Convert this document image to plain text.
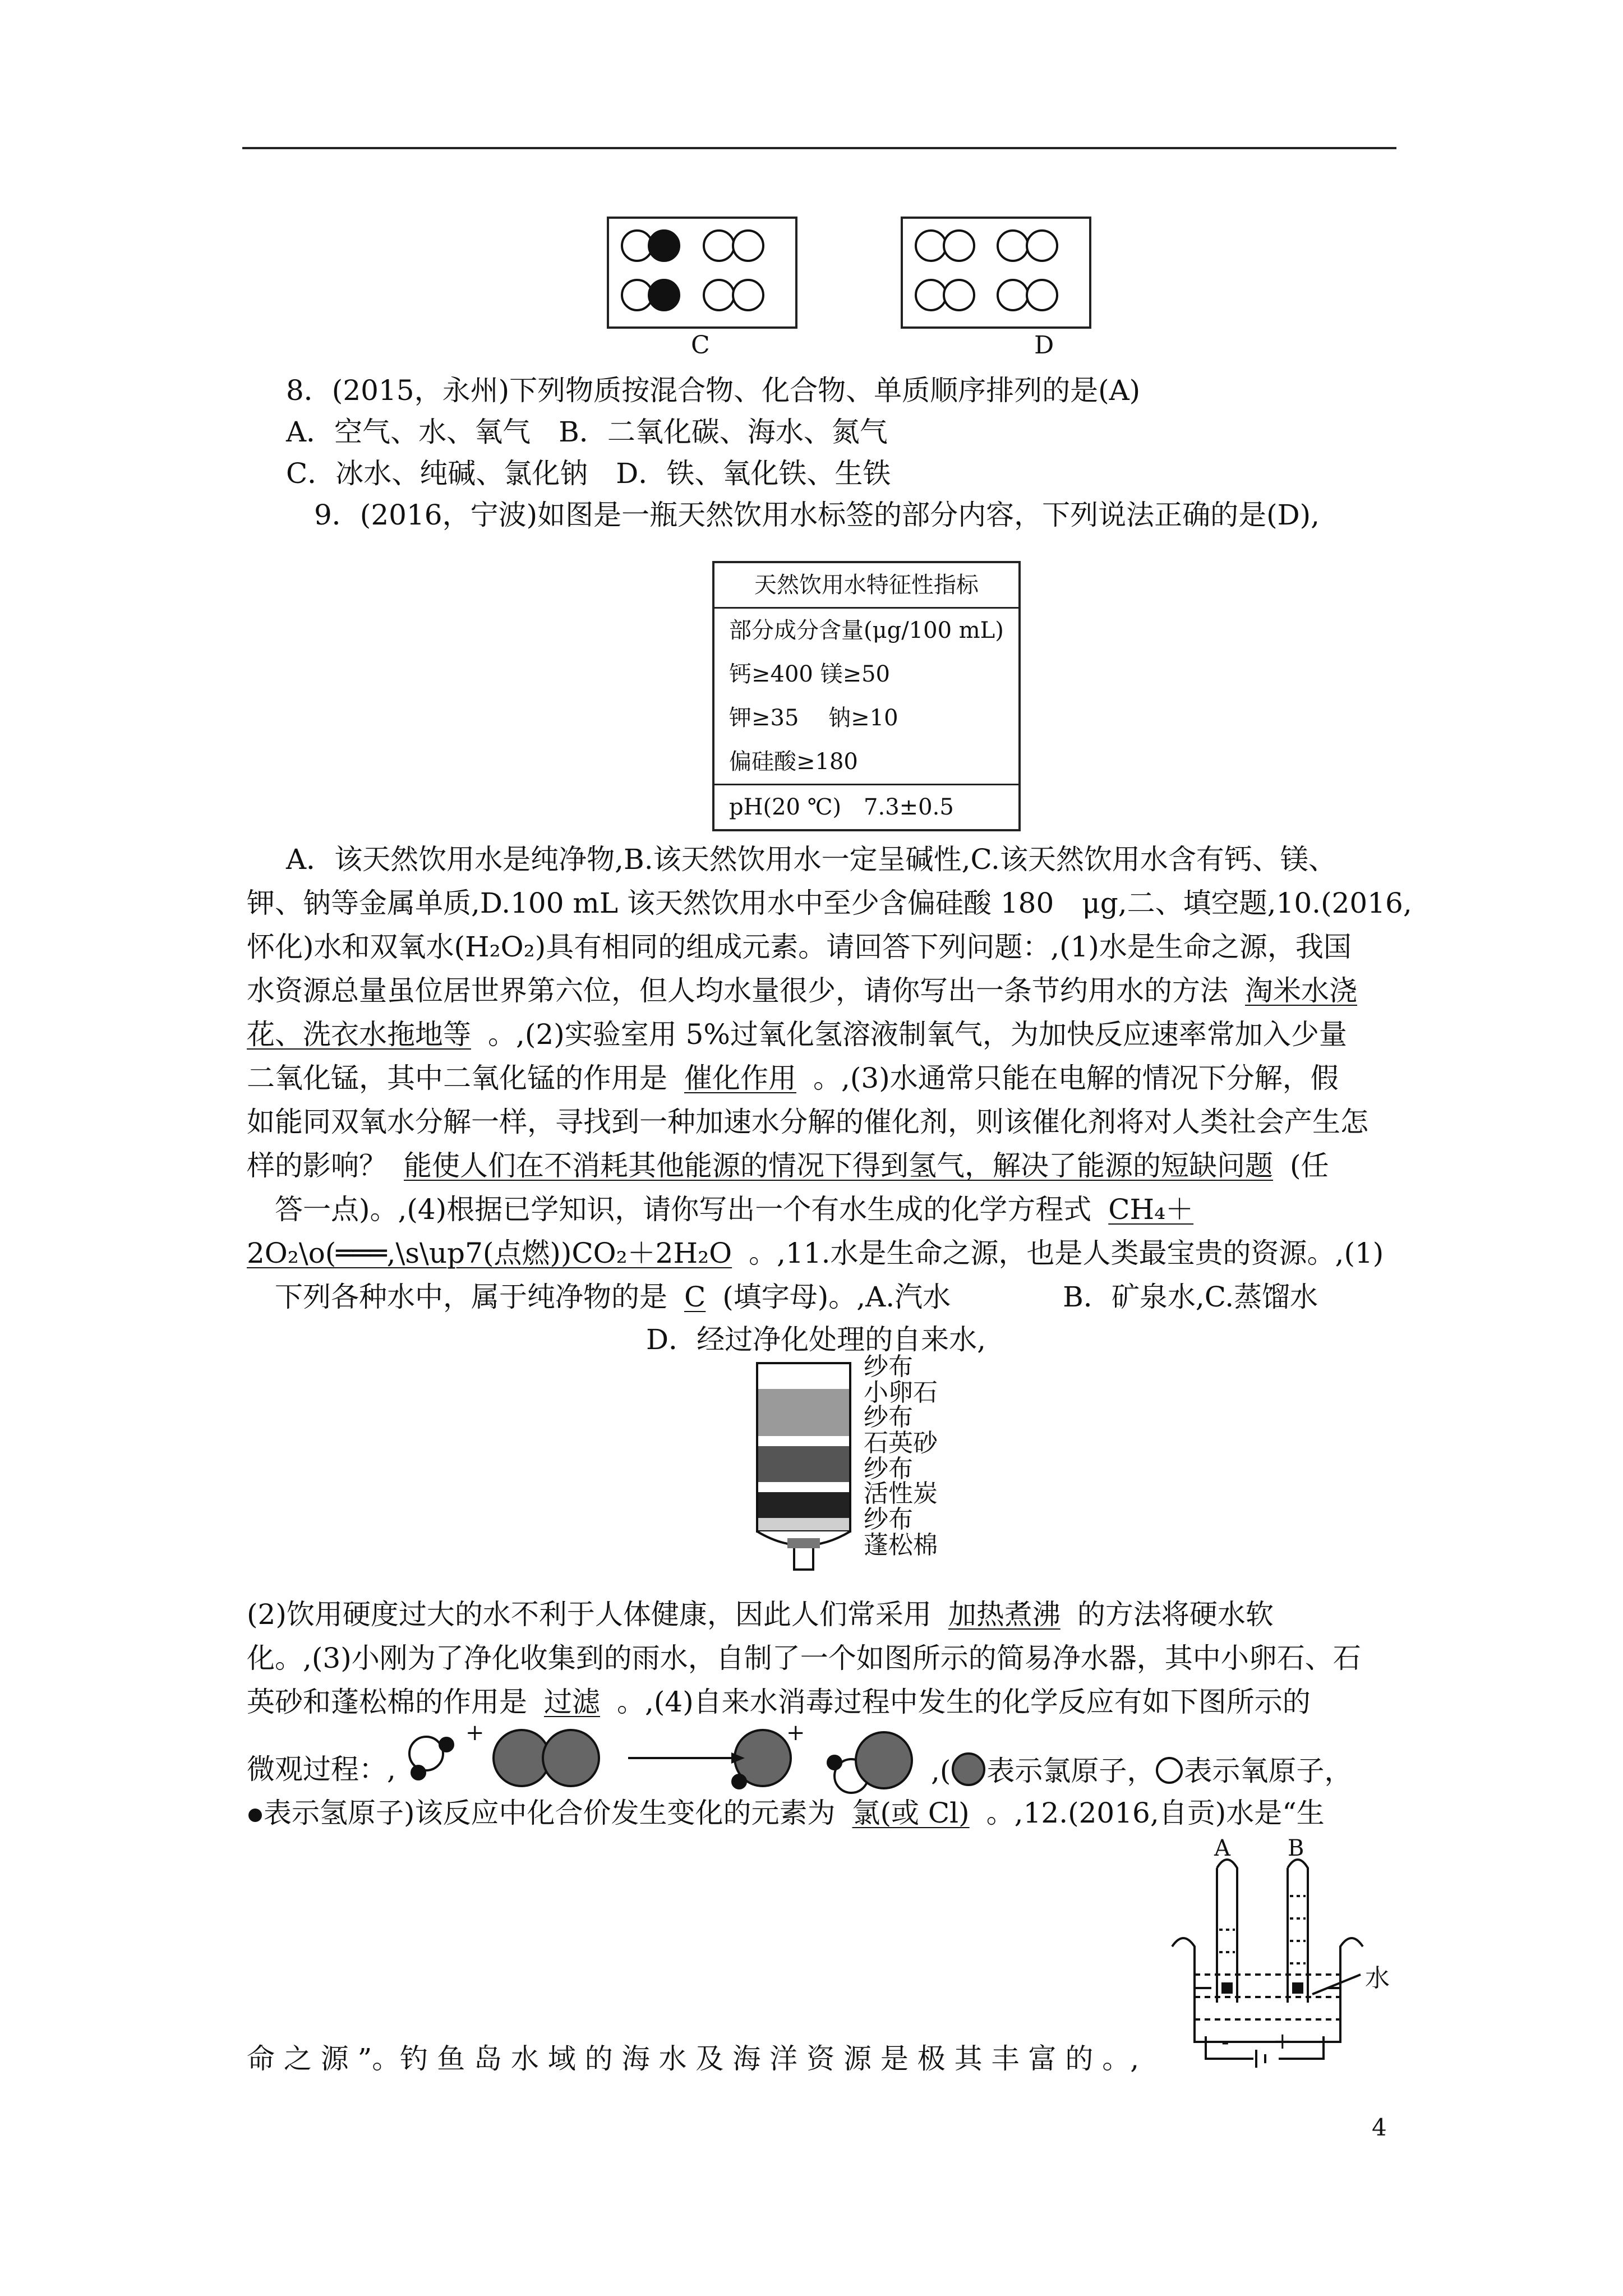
C	D
8．(2015，永州)下列物质按混合物、化合物、单质顺序排列的是(A)
A．空气、水、氧气　B．二氧化碳、海水、氮气
C．冰水、纯碱、氯化钠　D．铁、氧化铁、生铁
9．(2016，宁波)如图是一瓶天然饮用水标签的部分内容，下列说法正确的是(D),
天然饮用水特征性指标
部分成分含量(μg/100 mL)
钙≥400 镁≥50
钾≥35　 钠≥10
偏硅酸≥180
pH(20 ℃)　7.3±0.5
A．该天然饮用水是纯净物,B.该天然饮用水一定呈碱性,C.该天然饮用水含有钙、镁、
钾、钠等金属单质,D.100 mL 该天然饮用水中至少含偏硅酸 180　μg,二、填空题,10.(2016,
怀化)水和双氧水(H₂O₂)具有相同的组成元素。请回答下列问题：,(1)水是生命之源，我国
水资源总量虽位居世界第六位，但人均水量很少，请你写出一条节约用水的方法 淘米水浇
花、洗衣水拖地等 。,(2)实验室用 5%过氧化氢溶液制氧气，为加快反应速率常加入少量
二氧化锰，其中二氧化锰的作用是 催化作用 。,(3)水通常只能在电解的情况下分解，假
如能同双氧水分解一样，寻找到一种加速水分解的催化剂，则该催化剂将对人类社会产生怎
样的影响？ 能使人们在不消耗其他能源的情况下得到氢气，解决了能源的短缺问题 (任
答一点)。,(4)根据已学知识，请你写出一个有水生成的化学方程式 CH₄＋
2O₂\o(═══,\s\up7(点燃))CO₂＋2H₂O 。,11.水是生命之源，也是人类最宝贵的资源。,(1)
下列各种水中，属于纯净物的是 C (填字母)。,A.汽水　　　　B．矿泉水,C.蒸馏水
D．经过净化处理的自来水,
纱布
小卵石
纱布
石英砂
纱布
活性炭
纱布
蓬松棉
(2)饮用硬度过大的水不利于人体健康，因此人们常采用 加热煮沸 的方法将硬水软
化。,(3)小刚为了净化收集到的雨水，自制了一个如图所示的简易净水器，其中小卵石、石
英砂和蓬松棉的作用是 过滤 。,(4)自来水消毒过程中发生的化学反应有如下图所示的
微观过程：,
+	+
,( 表示氯原子， 表示氧原子，
表示氢原子)该反应中化合价发生变化的元素为 氯(或 Cl) 。,12.(2016,自贡)水是“生
A	B
水
- +
命 之 源 ”。钓 鱼 岛 水 域 的 海 水 及 海 洋 资 源 是 极 其 丰 富 的 。,
4
